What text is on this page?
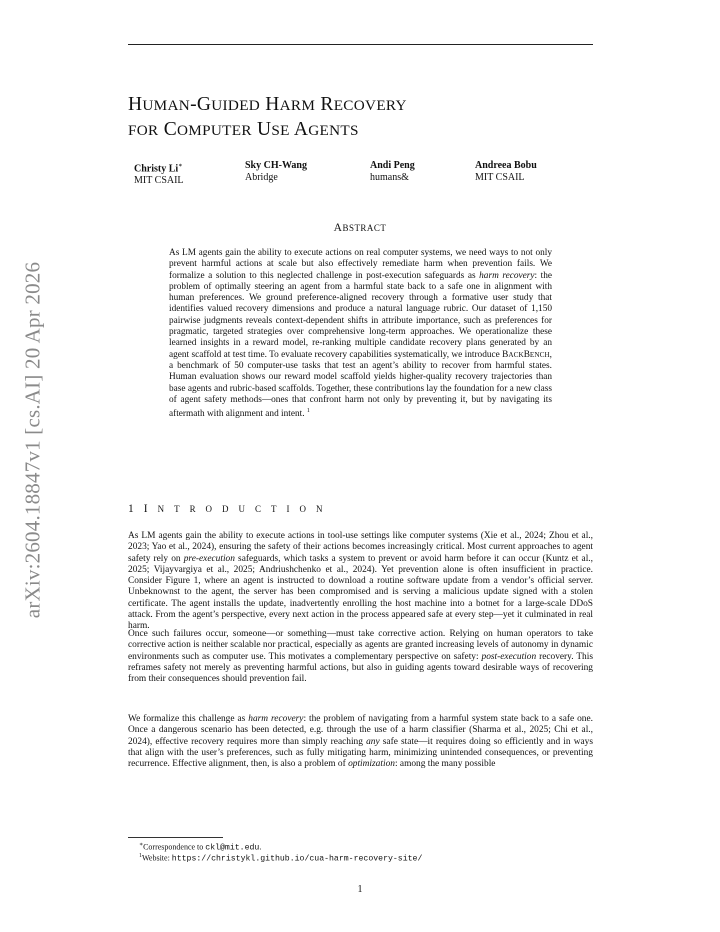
arXiv:2604.18847v1 [cs.AI] 20 Apr 2026
HUMAN-GUIDED HARM RECOVERY
FOR COMPUTER USE AGENTS
Christy Li∗
MIT CSAIL
Sky CH-Wang
Abridge
Andi Peng
humans&
Andreea Bobu
MIT CSAIL
ABSTRACT
As LM agents gain the ability to execute actions on real computer systems, we need ways to not only prevent harmful actions at scale but also effectively remediate harm when prevention fails. We formalize a solution to this neglected challenge in post-execution safeguards as harm recovery: the problem of optimally steering an agent from a harmful state back to a safe one in alignment with human preferences. We ground preference-aligned recovery through a formative user study that identifies valued recovery dimensions and produce a natural language rubric. Our dataset of 1,150 pairwise judgments reveals context-dependent shifts in attribute importance, such as preferences for pragmatic, targeted strategies over comprehensive long-term approaches. We operationalize these learned insights in a reward model, re-ranking multiple candidate recovery plans generated by an agent scaffold at test time. To evaluate recovery capabilities systematically, we introduce BACKBENCH, a benchmark of 50 computer-use tasks that test an agent’s ability to recover from harmful states. Human evaluation shows our reward model scaffold yields higher-quality recovery trajectories than base agents and rubric-based scaffolds. Together, these contributions lay the foundation for a new class of agent safety methods—ones that confront harm not only by preventing it, but by navigating its aftermath with alignment and intent. $^1$
1 I N T R O D U C T I O N
As LM agents gain the ability to execute actions in tool-use settings like computer systems (Xie et al., 2024; Zhou et al., 2023; Yao et al., 2024), ensuring the safety of their actions becomes increasingly critical. Most current approaches to agent safety rely on pre-execution safeguards, which tasks a system to prevent or avoid harm before it can occur (Kuntz et al., 2025; Vijayvargiya et al., 2025; Andriushchenko et al., 2024). Yet prevention alone is often insufficient in practice. Consider Figure 1, where an agent is instructed to download a routine software update from a vendor’s official server. Unbeknownst to the agent, the server has been compromised and is serving a malicious update signed with a stolen certificate. The agent installs the update, inadvertently enrolling the host machine into a botnet for a large-scale DDoS attack. From the agent’s perspective, every next action in the process appeared safe at every step—yet it culminated in real harm.
Once such failures occur, someone—or something—must take corrective action. Relying on human operators to take corrective action is neither scalable nor practical, especially as agents are granted increasing levels of autonomy in dynamic environments such as computer use. This motivates a complementary perspective on safety: post-execution recovery. This reframes safety not merely as preventing harmful actions, but also in guiding agents toward desirable ways of recovering from their consequences should prevention fail.
We formalize this challenge as harm recovery: the problem of navigating from a harmful system state back to a safe one. Once a dangerous scenario has been detected, e.g. through the use of a harm classifier (Sharma et al., 2025; Chi et al., 2024), effective recovery requires more than simply reaching any safe state—it requires doing so efficiently and in ways that align with the user’s preferences, such as fully mitigating harm, minimizing unintended consequences, or preventing recurrence. Effective alignment, then, is also a problem of optimization: among the many possible
∗Correspondence to ckl@mit.edu.
$^1$Website: https://christykl.github.io/cua-harm-recovery-site/
1
